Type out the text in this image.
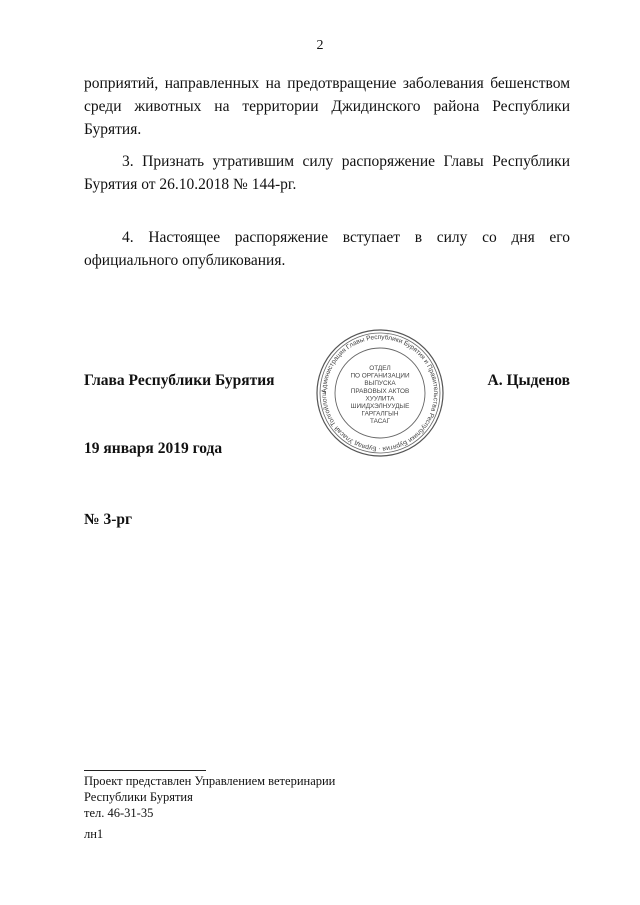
2

роприятий, направленных на предотвращение заболевания бешенством среди животных на территории Джидинского района Республики Бурятия.

3. Признать утратившим силу распоряжение Главы Республики Бурятия от 26.10.2018 № 144-рг.

4. Настоящее распоряжение вступает в силу со дня его официального опубликования.

Глава Республики Бурятия	А. Цыденов
Администрация Главы Республики Бурятия и Правительства Республики Бурятия · Буряад Уласай Толгойлогш
ОТДЕЛ
ПО ОРГАНИЗАЦИИ
ВЫПУСКА
ПРАВОВЫХ АКТОВ
ХУУЛИТА
ШИИДХЭЛНУУДЫЕ
ГАРГАЛГЫН
ТАСАГ
19 января 2019 года
№ 3-рг
Проект представлен Управлением ветеринарии
Республики Бурятия
тел. 46-31-35
лн1
